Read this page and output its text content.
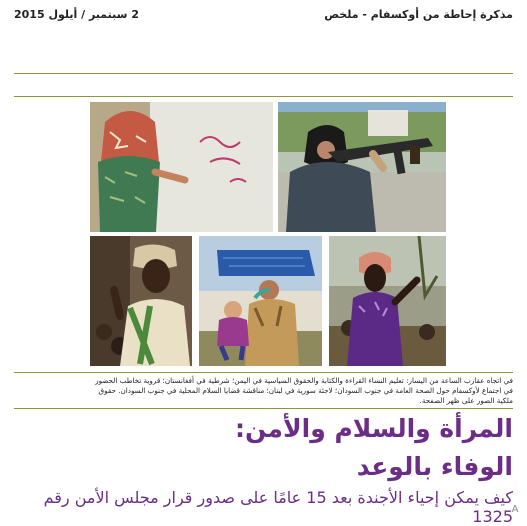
2 سبتمبر / أيلول 2015	مذكرة إحاطة من أوكسفام - ملخص
في اتجاه عقارب الساعة من اليسار: تعليم النساء القراءة والكتابة والحقوق السياسية في اليمن؛ شرطية في أفغانستان؛ قروية تخاطب الحضور في اجتماع لأوكسفام حول الصحة العامة في جنوب السودان؛ لاجئة سورية في لبنان؛ مناقشة قضايا السلام المحلية في جنوب السودان. حقوق ملكية الصور على ظهر الصفحة.
المرأة والسلام والأمن:
الوفاء بالوعد
كيف يمكن إحياء الأجندة بعد 15 عامًا على صدور قرار مجلس الأمن رقم 1325
A
